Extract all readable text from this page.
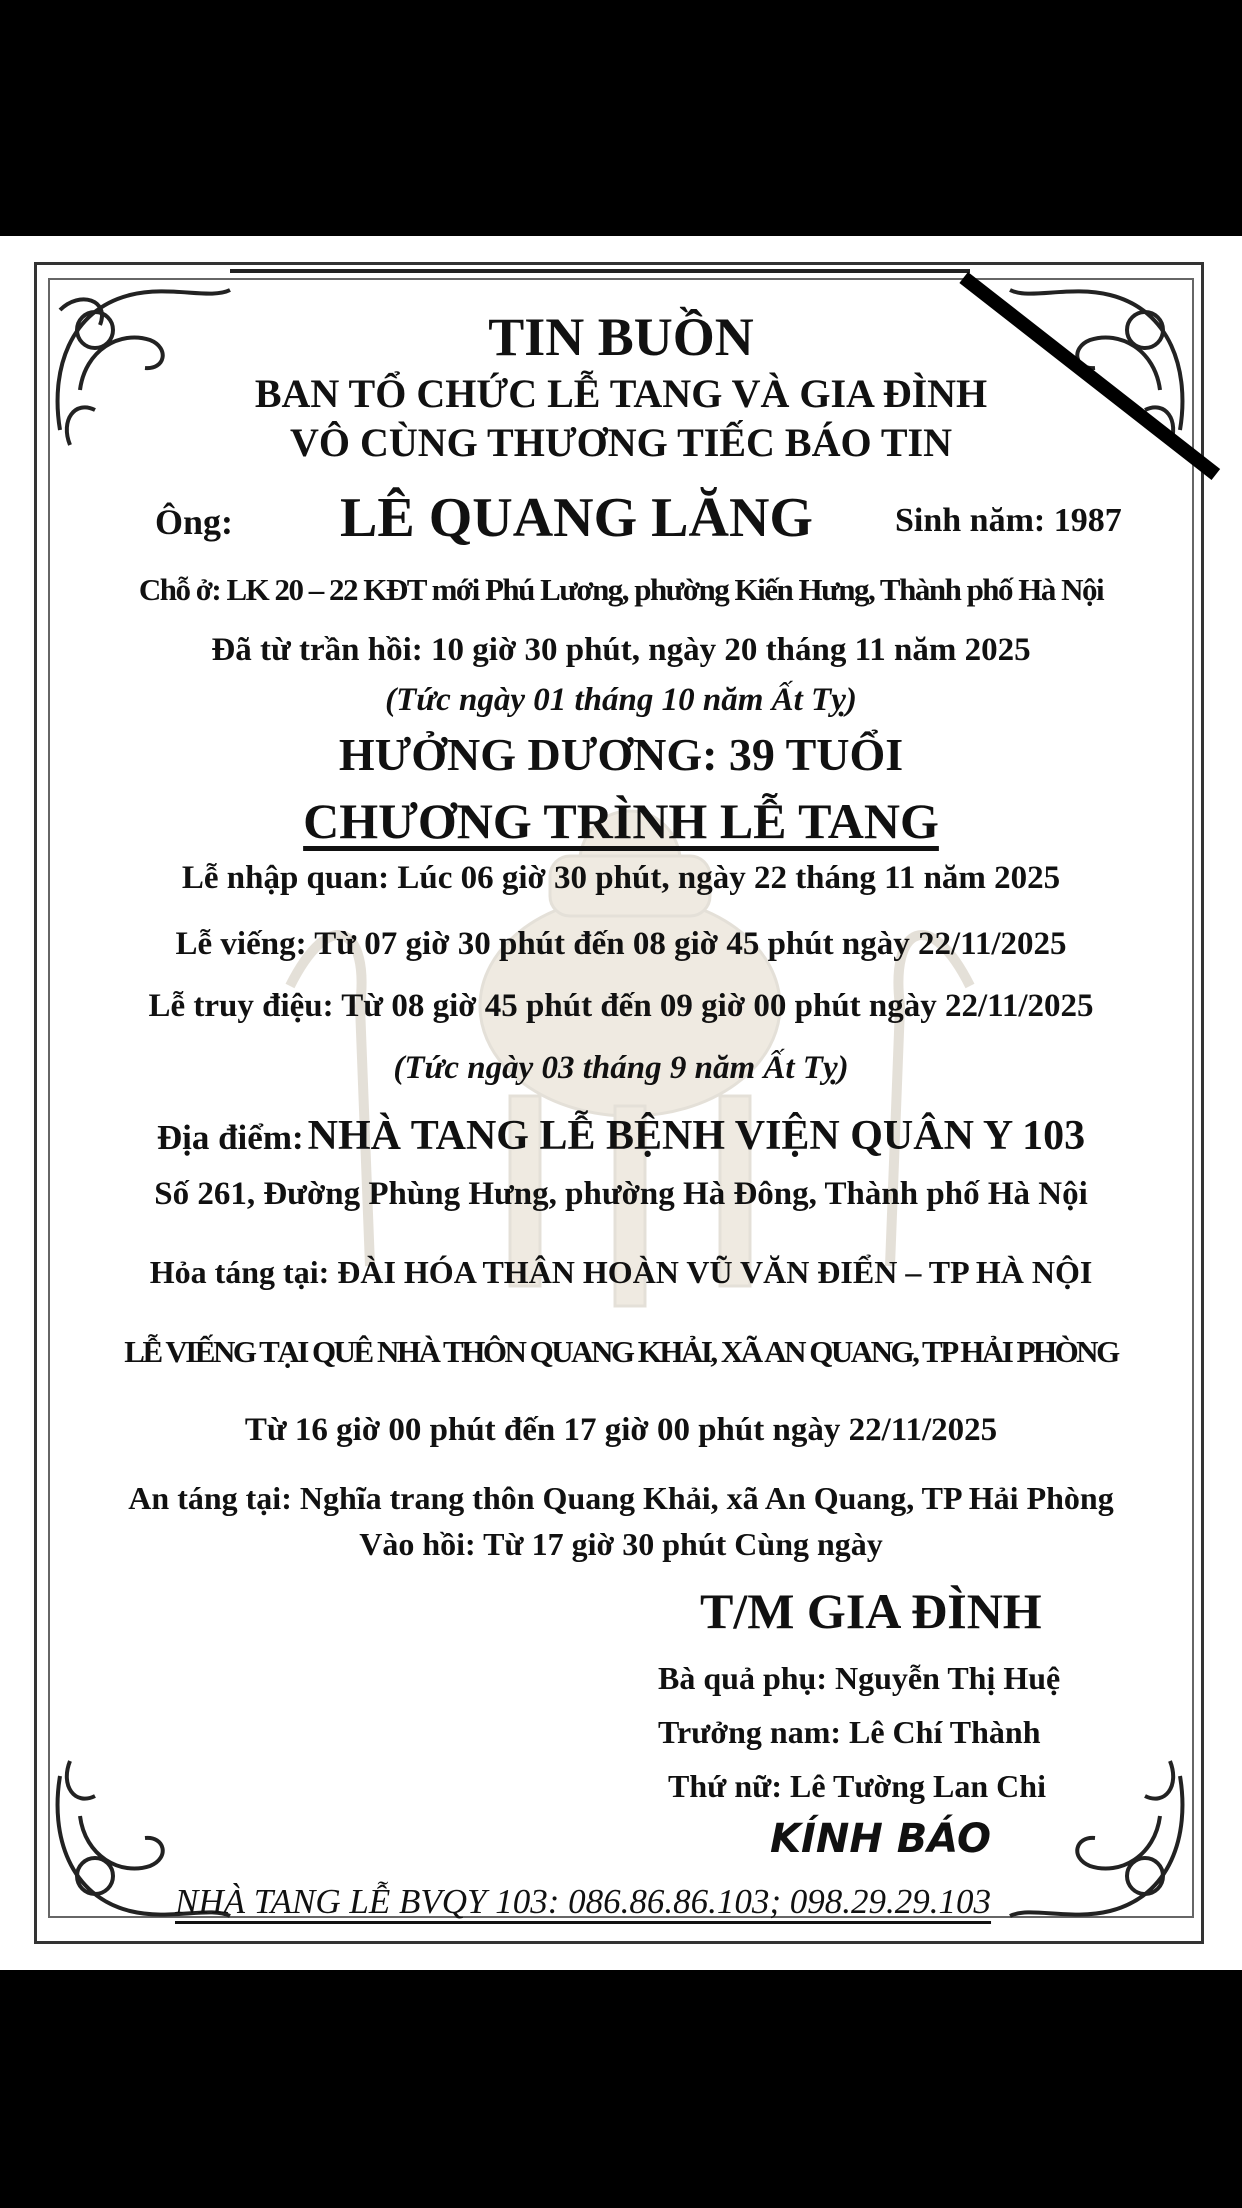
TIN BUỒN
BAN TỔ CHỨC LỄ TANG VÀ GIA ĐÌNH
VÔ CÙNG THƯƠNG TIẾC BÁO TIN
Ông: LÊ QUANG LĂNG Sinh năm: 1987
Chỗ ở: LK 20 – 22 KĐT mới Phú Lương, phường Kiến Hưng, Thành phố Hà Nội
Đã từ trần hồi: 10 giờ 30 phút, ngày 20 tháng 11 năm 2025
(Tức ngày 01 tháng 10 năm Ất Tỵ)
HƯỞNG DƯƠNG: 39 TUỔI
CHƯƠNG TRÌNH LỄ TANG
Lễ nhập quan: Lúc 06 giờ 30 phút, ngày 22 tháng 11 năm 2025
Lễ viếng: Từ 07 giờ 30 phút đến 08 giờ 45 phút ngày 22/11/2025
Lễ truy điệu: Từ 08 giờ 45 phút đến 09 giờ 00 phút ngày 22/11/2025
(Tức ngày 03 tháng 9 năm Ất Tỵ)
Địa điểm: NHÀ TANG LỄ BỆNH VIỆN QUÂN Y 103
Số 261, Đường Phùng Hưng, phường Hà Đông, Thành phố Hà Nội
Hỏa táng tại: ĐÀI HÓA THÂN HOÀN VŨ VĂN ĐIỂN – TP HÀ NỘI
LỄ VIẾNG TẠI QUÊ NHÀ THÔN QUANG KHẢI, XÃ AN QUANG, TP HẢI PHÒNG
Từ 16 giờ 00 phút đến 17 giờ 00 phút ngày 22/11/2025
An táng tại: Nghĩa trang thôn Quang Khải, xã An Quang, TP Hải Phòng
Vào hồi: Từ 17 giờ 30 phút Cùng ngày
T/M GIA ĐÌNH
Bà quả phụ: Nguyễn Thị Huệ
Trưởng nam: Lê Chí Thành
Thứ nữ: Lê Tường Lan Chi
KÍNH BÁO
NHÀ TANG LỄ BVQY 103: 086.86.86.103; 098.29.29.103
